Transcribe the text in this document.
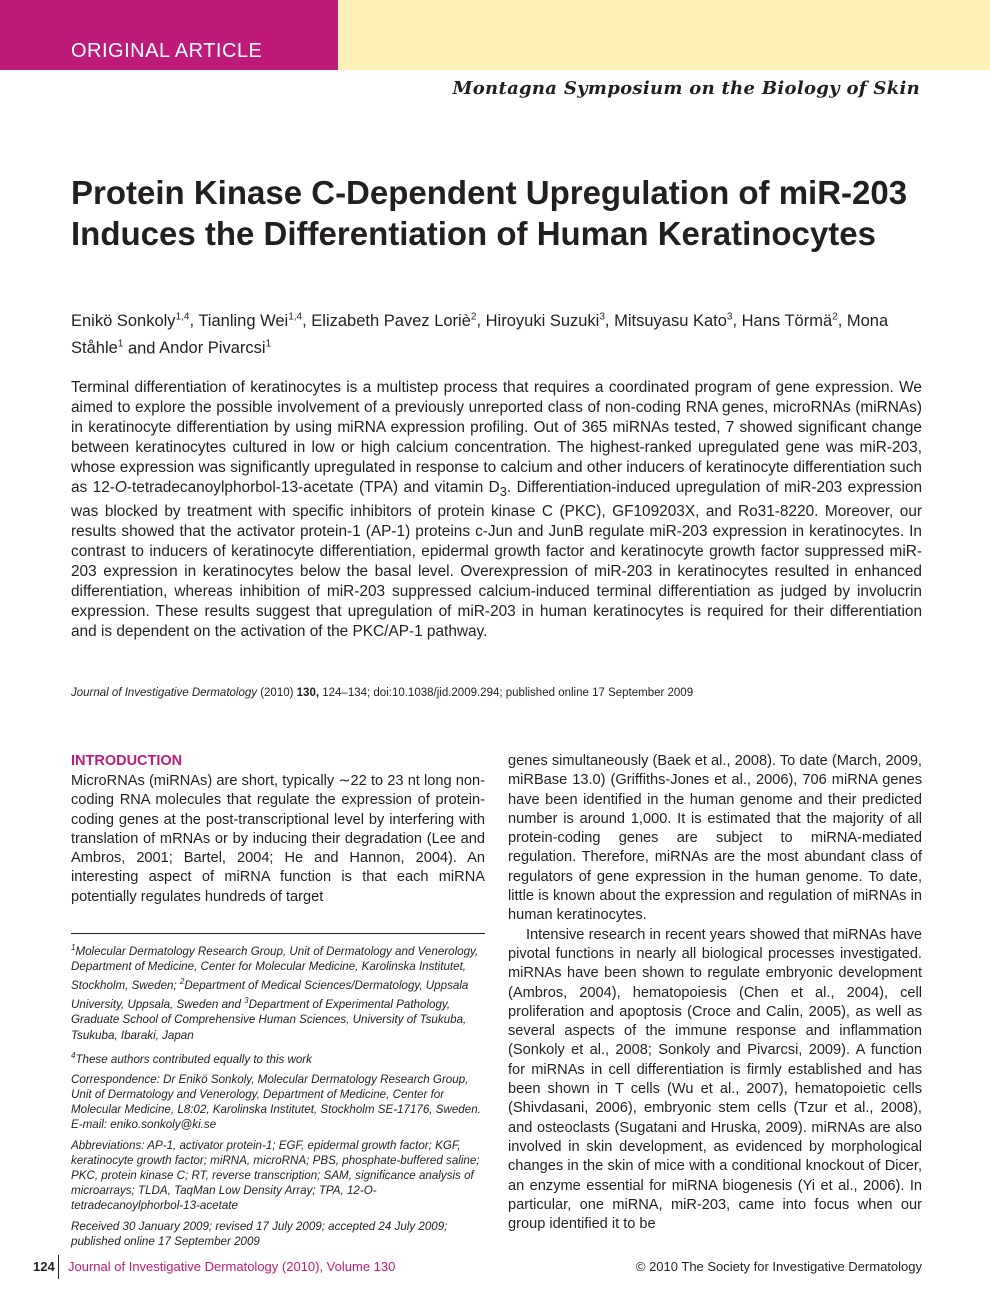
ORIGINAL ARTICLE
Montagna Symposium on the Biology of Skin
Protein Kinase C-Dependent Upregulation of miR-203 Induces the Differentiation of Human Keratinocytes
Enikö Sonkoly$^{1,4}$, Tianling Wei$^{1,4}$, Elizabeth Pavez Loriè$^2$, Hiroyuki Suzuki$^3$, Mitsuyasu Kato$^3$, Hans Törmä$^2$, Mona Ståhle$^1$ and Andor Pivarcsi$^1$
Terminal differentiation of keratinocytes is a multistep process that requires a coordinated program of gene expression. We aimed to explore the possible involvement of a previously unreported class of non-coding RNA genes, microRNAs (miRNAs) in keratinocyte differentiation by using miRNA expression profiling. Out of 365 miRNAs tested, 7 showed significant change between keratinocytes cultured in low or high calcium concentration. The highest-ranked upregulated gene was miR-203, whose expression was significantly upregulated in response to calcium and other inducers of keratinocyte differentiation such as 12-O-tetradecanoylphorbol-13-acetate (TPA) and vitamin $D_3$. Differentiation-induced upregulation of miR-203 expression was blocked by treatment with specific inhibitors of protein kinase C (PKC), GF109203X, and Ro31-8220. Moreover, our results showed that the activator protein-1 (AP-1) proteins c-Jun and JunB regulate miR-203 expression in keratinocytes. In contrast to inducers of keratinocyte differentiation, epidermal growth factor and keratinocyte growth factor suppressed miR-203 expression in keratinocytes below the basal level. Overexpression of miR-203 in keratinocytes resulted in enhanced differentiation, whereas inhibition of miR-203 suppressed calcium-induced terminal differentiation as judged by involucrin expression. These results suggest that upregulation of miR-203 in human keratinocytes is required for their differentiation and is dependent on the activation of the PKC/AP-1 pathway.
Journal of Investigative Dermatology (2010) 130, 124–134; doi:10.1038/jid.2009.294; published online 17 September 2009
INTRODUCTION
MicroRNAs (miRNAs) are short, typically ∼22 to 23 nt long non-coding RNA molecules that regulate the expression of protein-coding genes at the post-transcriptional level by interfering with translation of mRNAs or by inducing their degradation (Lee and Ambros, 2001; Bartel, 2004; He and Hannon, 2004). An interesting aspect of miRNA function is that each miRNA potentially regulates hundreds of target

$^1$Molecular Dermatology Research Group, Unit of Dermatology and Venerology, Department of Medicine, Center for Molecular Medicine, Karolinska Institutet, Stockholm, Sweden; $^2$Department of Medical Sciences/Dermatology, Uppsala University, Uppsala, Sweden and $^3$Department of Experimental Pathology, Graduate School of Comprehensive Human Sciences, University of Tsukuba, Tsukuba, Ibaraki, Japan

$^4$These authors contributed equally to this work

Correspondence: Dr Enikö Sonkoly, Molecular Dermatology Research Group, Unit of Dermatology and Venerology, Department of Medicine, Center for Molecular Medicine, L8:02, Karolinska Institutet, Stockholm SE-17176, Sweden. E-mail: eniko.sonkoly@ki.se

Abbreviations: AP-1, activator protein-1; EGF, epidermal growth factor; KGF, keratinocyte growth factor; miRNA, microRNA; PBS, phosphate-buffered saline; PKC, protein kinase C; RT, reverse transcription; SAM, significance analysis of microarrays; TLDA, TaqMan Low Density Array; TPA, 12-O-tetradecanoylphorbol-13-acetate

Received 30 January 2009; revised 17 July 2009; accepted 24 July 2009; published online 17 September 2009

genes simultaneously (Baek et al., 2008). To date (March, 2009, miRBase 13.0) (Griffiths-Jones et al., 2006), 706 miRNA genes have been identified in the human genome and their predicted number is around 1,000. It is estimated that the majority of all protein-coding genes are subject to miRNA-mediated regulation. Therefore, miRNAs are the most abundant class of regulators of gene expression in the human genome. To date, little is known about the expression and regulation of miRNAs in human keratinocytes.

Intensive research in recent years showed that miRNAs have pivotal functions in nearly all biological processes investigated. miRNAs have been shown to regulate embryonic development (Ambros, 2004), hematopoiesis (Chen et al., 2004), cell proliferation and apoptosis (Croce and Calin, 2005), as well as several aspects of the immune response and inflammation (Sonkoly et al., 2008; Sonkoly and Pivarcsi, 2009). A function for miRNAs in cell differentiation is firmly established and has been shown in T cells (Wu et al., 2007), hematopoietic cells (Shivdasani, 2006), embryonic stem cells (Tzur et al., 2008), and osteoclasts (Sugatani and Hruska, 2009). miRNAs are also involved in skin development, as evidenced by morphological changes in the skin of mice with a conditional knockout of Dicer, an enzyme essential for miRNA biogenesis (Yi et al., 2006). In particular, one miRNA, miR-203, came into focus when our group identified it to be

124 Journal of Investigative Dermatology (2010), Volume 130	© 2010 The Society for Investigative Dermatology
